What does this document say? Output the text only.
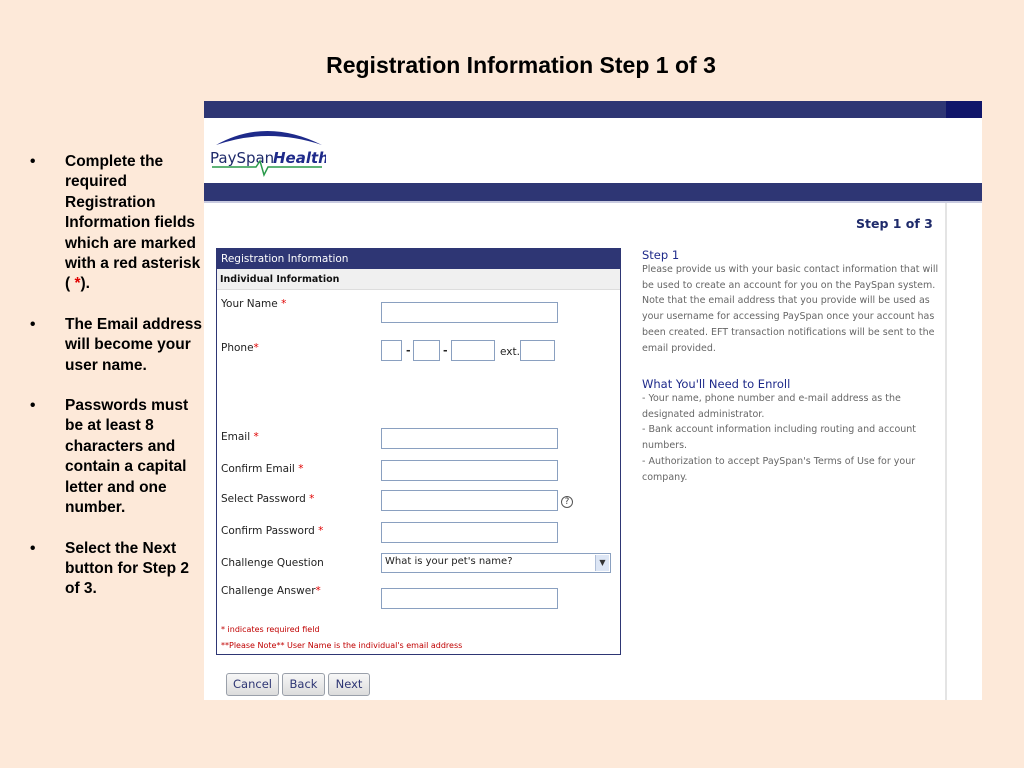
Registration Information Step 1 of 3
• Complete the required Registration Information fields which are marked with a red asterisk ( *).
• The Email address will become your user name.
• Passwords must be at least 8 characters and contain a capital letter and one number.
• Select the Next button for Step 2 of 3.
PaySpan
Health
Step 1 of 3
Registration Information
Individual Information
Your Name *
Phone*	-	-	ext.
Email *
Confirm Email *
Select Password *	?
Confirm Password *
Challenge Question	What is your pet's name?	▼
Challenge Answer*
* indicates required field
**Please Note** User Name is the individual's email address
Cancel	Back	Next
Step 1
Please provide us with your basic contact information that will be used to create an account for you on the PaySpan system. Note that the email address that you provide will be used as your username for accessing PaySpan once your account has been created. EFT transaction notifications will be sent to the email provided.
What You'll Need to Enroll
- Your name, phone number and e-mail address as the designated administrator.
- Bank account information including routing and account numbers.
- Authorization to accept PaySpan's Terms of Use for your company.
